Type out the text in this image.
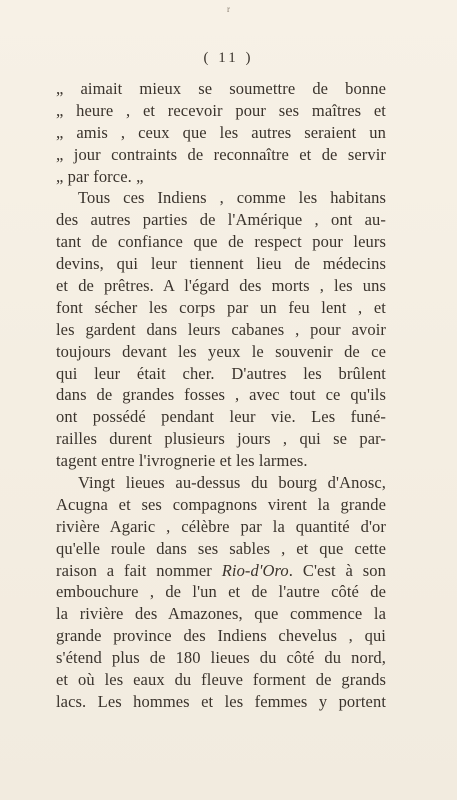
r
( 11 )
„ aimait mieux se soumettre de bonne
„ heure , et recevoir pour ses maîtres et
„ amis , ceux que les autres seraient un
„ jour contraints de reconnaître et de servir
„ par force. „
Tous ces Indiens , comme les habitans
des autres parties de l'Amérique , ont au-
tant de confiance que de respect pour leurs
devins, qui leur tiennent lieu de médecins
et de prêtres. A l'égard des morts , les uns
font sécher les corps par un feu lent , et
les gardent dans leurs cabanes , pour avoir
toujours devant les yeux le souvenir de ce
qui leur était cher. D'autres les brûlent
dans de grandes fosses , avec tout ce qu'ils
ont possédé pendant leur vie. Les funé-
railles durent plusieurs jours , qui se par-
tagent entre l'ivrognerie et les larmes.
Vingt lieues au-dessus du bourg d'Anosc,
Acugna et ses compagnons virent la grande
rivière Agaric , célèbre par la quantité d'or
qu'elle roule dans ses sables , et que cette
raison a fait nommer Rio-d'Oro. C'est à son
embouchure , de l'un et de l'autre côté de
la rivière des Amazones, que commence la
grande province des Indiens chevelus , qui
s'étend plus de 180 lieues du côté du nord,
et où les eaux du fleuve forment de grands
lacs. Les hommes et les femmes y portent
